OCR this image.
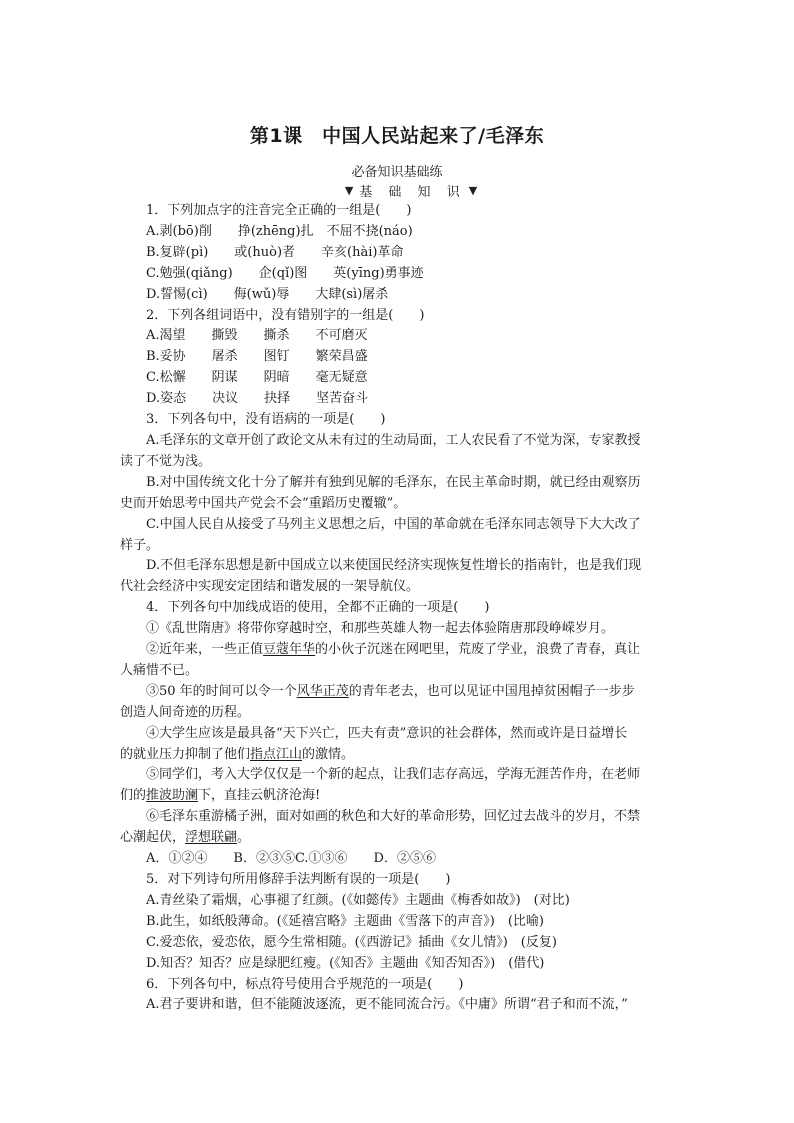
第1课　中国人民站起来了/毛泽东
必备知识基础练
▼ 基 础 知 识 ▼
1．下列加点字的注音完全正确的一组是(　　)
A.剥(bō)削　　挣(zhēng)扎　不屈不挠(náo)
B.复辟(pì)　　或(huò)者　　辛亥(hài)革命
C.勉强(qiǎng)　　企(qǐ)图　　英(yīng)勇事迹
D.誓惕(cì)　　侮(wǔ)辱　　大肆(sì)屠杀
2．下列各组词语中，没有错别字的一组是(　　)
A.渴望　　撕毁　　撕杀　　不可磨灭
B.妥协　　屠杀　　图钉　　繁荣昌盛
C.松懈　　阴谋　　阴暗　　毫无疑意
D.姿态　　决议　　抉择　　坚苦奋斗
3．下列各句中，没有语病的一项是(　　)
A.毛泽东的文章开创了政论文从未有过的生动局面，工人农民看了不觉为深，专家教授
读了不觉为浅。
B.对中国传统文化十分了解并有独到见解的毛泽东，在民主革命时期，就已经由观察历
史而开始思考中国共产党会不会“重蹈历史覆辙”。
C.中国人民自从接受了马列主义思想之后，中国的革命就在毛泽东同志领导下大大改了
样子。
D.不但毛泽东思想是新中国成立以来使国民经济实现恢复性增长的指南针，也是我们现
代社会经济中实现安定团结和谐发展的一架导航仪。
4．下列各句中加线成语的使用，全都不正确的一项是(　　)
①《乱世隋唐》将带你穿越时空，和那些英雄人物一起去体验隋唐那段峥嵘岁月。
②近年来，一些正值豆蔻年华的小伙子沉迷在网吧里，荒废了学业，浪费了青春，真让
人痛惜不已。
③50 年的时间可以令一个风华正茂的青年老去，也可以见证中国甩掉贫困帽子一步步
创造人间奇迹的历程。
④大学生应该是最具备“天下兴亡，匹夫有责”意识的社会群体，然而或许是日益增长
的就业压力抑制了他们指点江山的激情。
⑤同学们，考入大学仅仅是一个新的起点，让我们志存高远，学海无涯苦作舟，在老师
们的推波助澜下，直挂云帆济沧海!
⑥毛泽东重游橘子洲，面对如画的秋色和大好的革命形势，回忆过去战斗的岁月，不禁
心潮起伏，浮想联翩。
A．①②④　　B．②③⑤C.①③⑥　　D．②⑤⑥
5．对下列诗句所用修辞手法判断有误的一项是(　　)
A.青丝染了霜烟，心事褪了红颜。(《如懿传》主题曲《梅香如故》)　(对比)
B.此生，如纸般薄命。(《延禧宫略》主题曲《雪落下的声音》)　(比喻)
C.爱恋依，爱恋依，愿今生常相随。(《西游记》插曲《女儿情》)　(反复)
D.知否？知否？应是绿肥红瘦。(《知否》主题曲《知否知否》)　(借代)
6．下列各句中，标点符号使用合乎规范的一项是(　　)
A.君子要讲和谐，但不能随波逐流，更不能同流合污。《中庸》所谓“君子和而不流，”
